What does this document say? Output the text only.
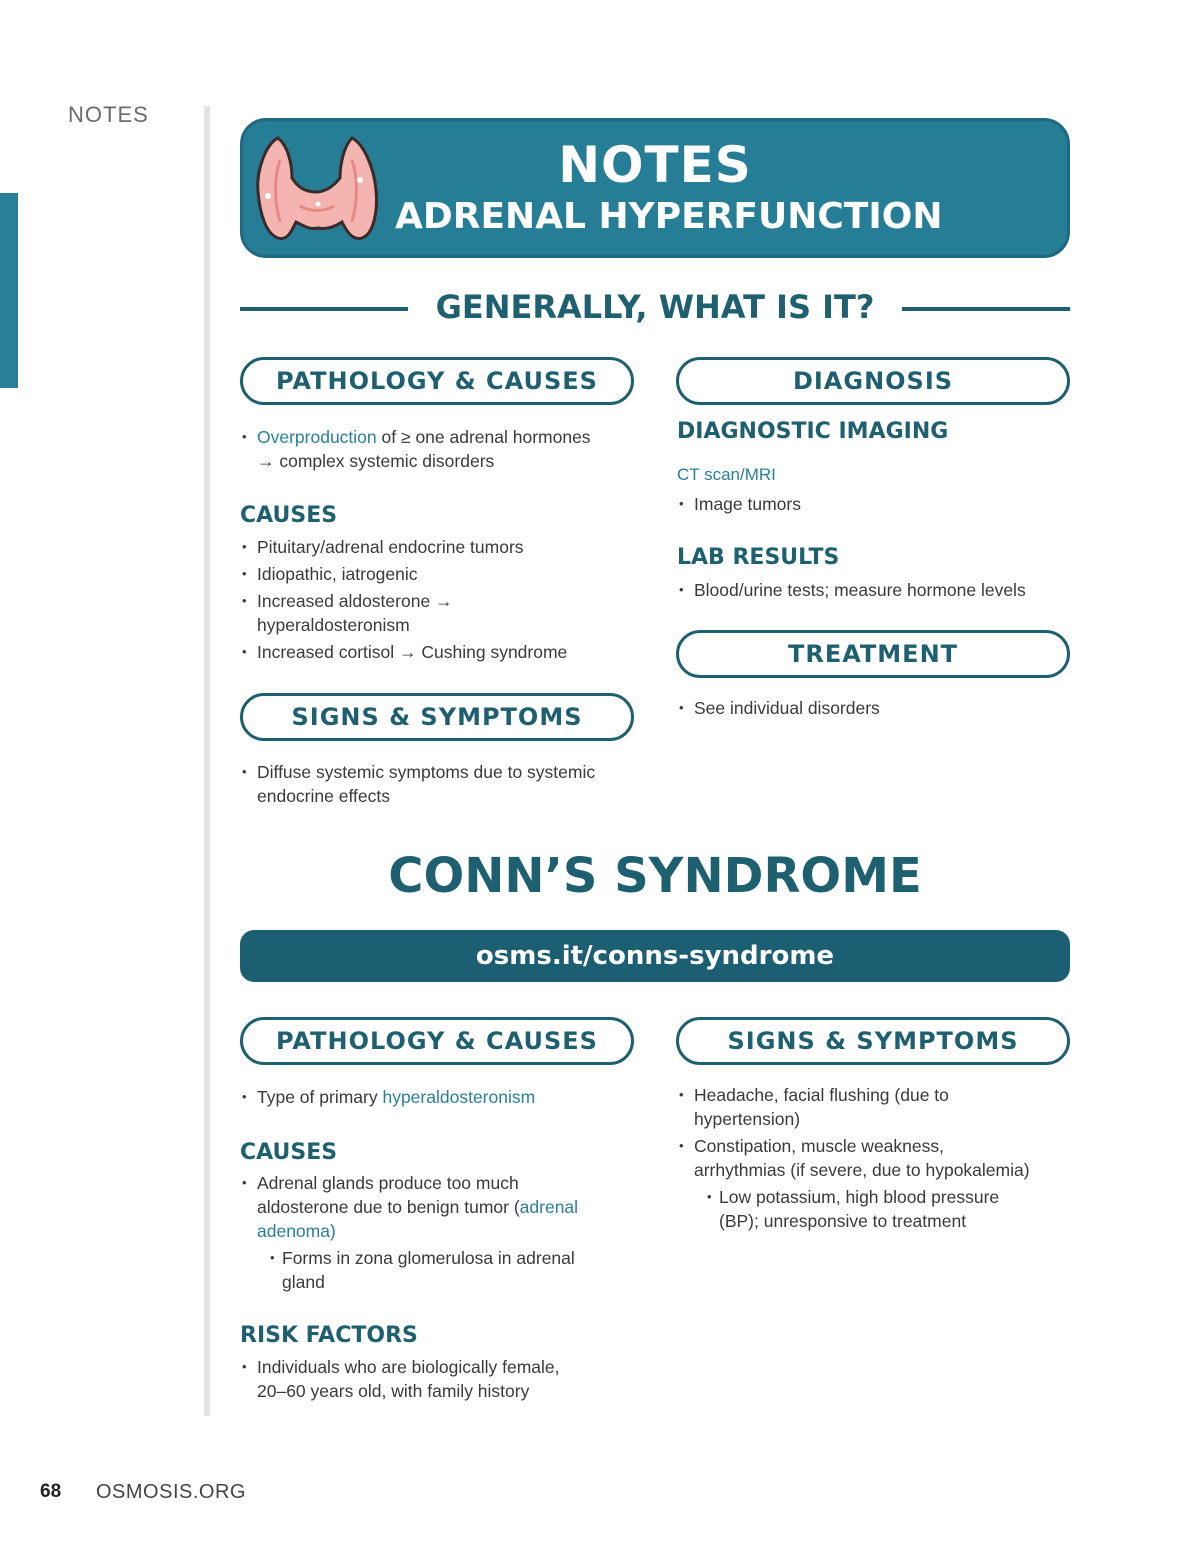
NOTES
NOTES
ADRENAL HYPERFUNCTION
GENERALLY, WHAT IS IT?
PATHOLOGY & CAUSES
• Overproduction of ≥ one adrenal hormones
→ complex systemic disorders
CAUSES
• Pituitary/adrenal endocrine tumors
• Idiopathic, iatrogenic
• Increased aldosterone →
hyperaldosteronism
• Increased cortisol → Cushing syndrome
SIGNS & SYMPTOMS
• Diffuse systemic symptoms due to systemic
endocrine effects
DIAGNOSIS
DIAGNOSTIC IMAGING
CT scan/MRI
• Image tumors
LAB RESULTS
• Blood/urine tests; measure hormone levels
TREATMENT
• See individual disorders
CONN’S SYNDROME
osms.it/conns-syndrome
PATHOLOGY & CAUSES
• Type of primary hyperaldosteronism
CAUSES
• Adrenal glands produce too much
aldosterone due to benign tumor (adrenal
adenoma)
• Forms in zona glomerulosa in adrenal
gland
RISK FACTORS
• Individuals who are biologically female,
20–60 years old, with family history
SIGNS & SYMPTOMS
• Headache, facial flushing (due to
hypertension)
• Constipation, muscle weakness,
arrhythmias (if severe, due to hypokalemia)
• Low potassium, high blood pressure
(BP); unresponsive to treatment
68 OSMOSIS.ORG
